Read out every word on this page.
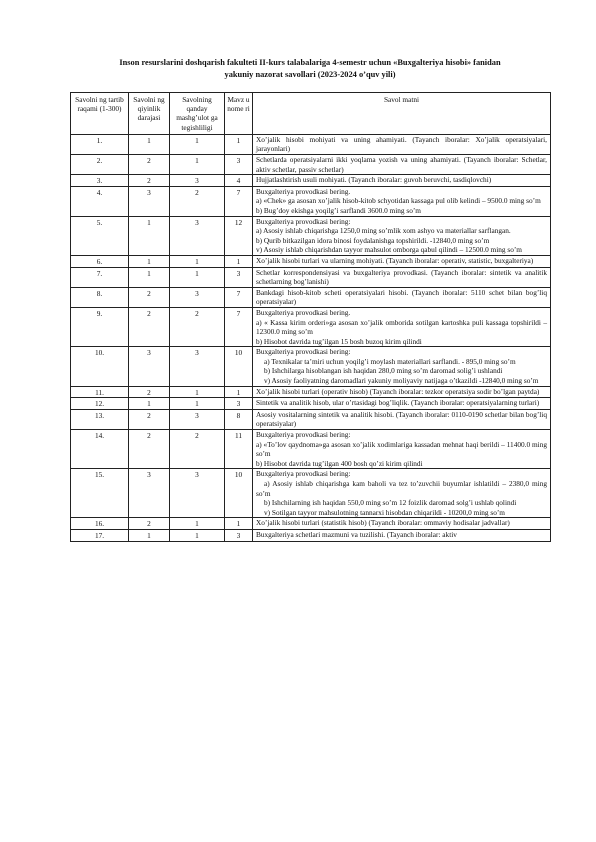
Inson resurslarini doshqarish fakulteti II-kurs talabalariga 4-semestr uchun «Buxgalteriya hisobi» fanidan
yakuniy nazorat savollari (2023-2024 o’quv yili)
Savolni ng tartib raqami (1-300)	Savolni ng qiyinlik darajasi	Savolning qanday mashg’ulot ga tegishliligi	Mavz u nome ri	Savol matni
1.	1	1	1	Xo’jalik hisobi mohiyati va uning ahamiyati. (Tayanch iboralar: Xo’jalik operatsiyalari, jarayonlari)

2.	2	1	3	Schetlarda operatsiyalarni ikki yoqlama yozish va uning ahamiyati. (Tayanch iboralar: Schetlar, aktiv schetlar, passiv schetlar)

3.	2	3	4	Hujjatlashtirish usuli mohiyati. (Tayanch iboralar: guvoh beruvchi, tasdiqlovchi)

4.	3	2	7	Buxgalteriya provodkasi bering.
a) «Chek» ga asosan xo’jalik hisob-kitob schyotidan kassaga pul olib kelindi – 9500.0 ming so’m
b) Bug’doy ekishga yoqilg’i sarflandi 3600.0 ming so’m

5.	1	3	12	Buxgalteriya provodkasi bering:
a) Asosiy ishlab chiqarishga 1250,0 ming so’mlik xom ashyo va materiallar sarflangan.
b) Qurib bitkazilgan idora binosi foydalanishga topshirildi. -12840,0 ming so’m
v) Asosiy ishlab chiqarishdan tayyor mahsulot omborga qabul qilindi – 12500.0 ming so’m

6.	1	1	1	Xo’jalik hisobi turlari va ularning mohiyati. (Tayanch iboralar: operativ, statistic, buxgalteriya)

7.	1	1	3	Schetlar korrespondensiyasi va buxgalteriya provodkasi. (Tayanch iboralar: sintetik va analitik schetlarning bog’lanishi)

8.	2	3	7	Bankdagi hisob-kitob scheti operatsiyalari hisobi. (Tayanch iboralar: 5110 schet bilan bog’liq operatsiyalar)

9.	2	2	7	Buxgalteriya provodkasi bering.
a) « Kassa kirim orderi»ga asosan xo’jalik omborida sotilgan kartoshka puli kassaga topshirildi – 12300.0 ming so’m
b) Hisobot davrida tug’ilgan 15 bosh buzoq kirim qilindi

10.	3	3	10	Buxgalteriya provodkasi bering:
a) Texnikalar ta’miri uchun yoqilg’i moylash materiallari sarflandi. - 895,0 ming so’m
b) Ishchilarga hisoblangan ish haqidan 280,0 ming so’m daromad solig’i ushlandi
v) Asosiy faoliyatning daromadlari yakuniy moliyaviy natijaga o’tkazildi -12840,0 ming so’m

11.	2	1	1	Xo’jalik hisobi turlari (operativ hisob) (Tayanch iboralar: tezkor operatsiya sodir bo’lgan paytda)

12.	1	1	3	Sintetik va analitik hisob, ular o’rtasidagi bog’liqlik. (Tayanch iboralar: operatsiyalarning turlari)

13.	2	3	8	Asosiy vositalarning sintetik va analitik hisobi. (Tayanch iboralar: 0110-0190 schetlar bilan bog’liq operatsiyalar)

14.	2	2	11	Buxgalteriya provodkasi bering:
a) «To’lov qaydnoma»ga asosan xo’jalik xodimlariga kassadan mehnat haqi berildi – 11400.0 ming so’m
b) Hisobot davrida tug’ilgan 400 bosh qo’zi kirim qilindi

15.	3	3	10	Buxgalteriya provodkasi bering:
a) Asosiy ishlab chiqarishga kam baholi va tez to’zuvchii buyumlar ishlatildi – 2380,0 ming so’m
b) Ishchilarning ish haqidan 550,0 ming so’m 12 foizlik daromad solg’i ushlab qolindi
v) Sotilgan tayyor mahsulotning tannarxi hisobdan chiqarildi - 10200,0 ming so’m

16.	2	1	1	Xo’jalik hisobi turlari (statistik hisob) (Tayanch iboralar: ommaviy hodisalar jadvallar)

17.	1	1	3	Buxgalteriya schetlari mazmuni va tuzilishi. (Tayanch iboralar: aktiv
